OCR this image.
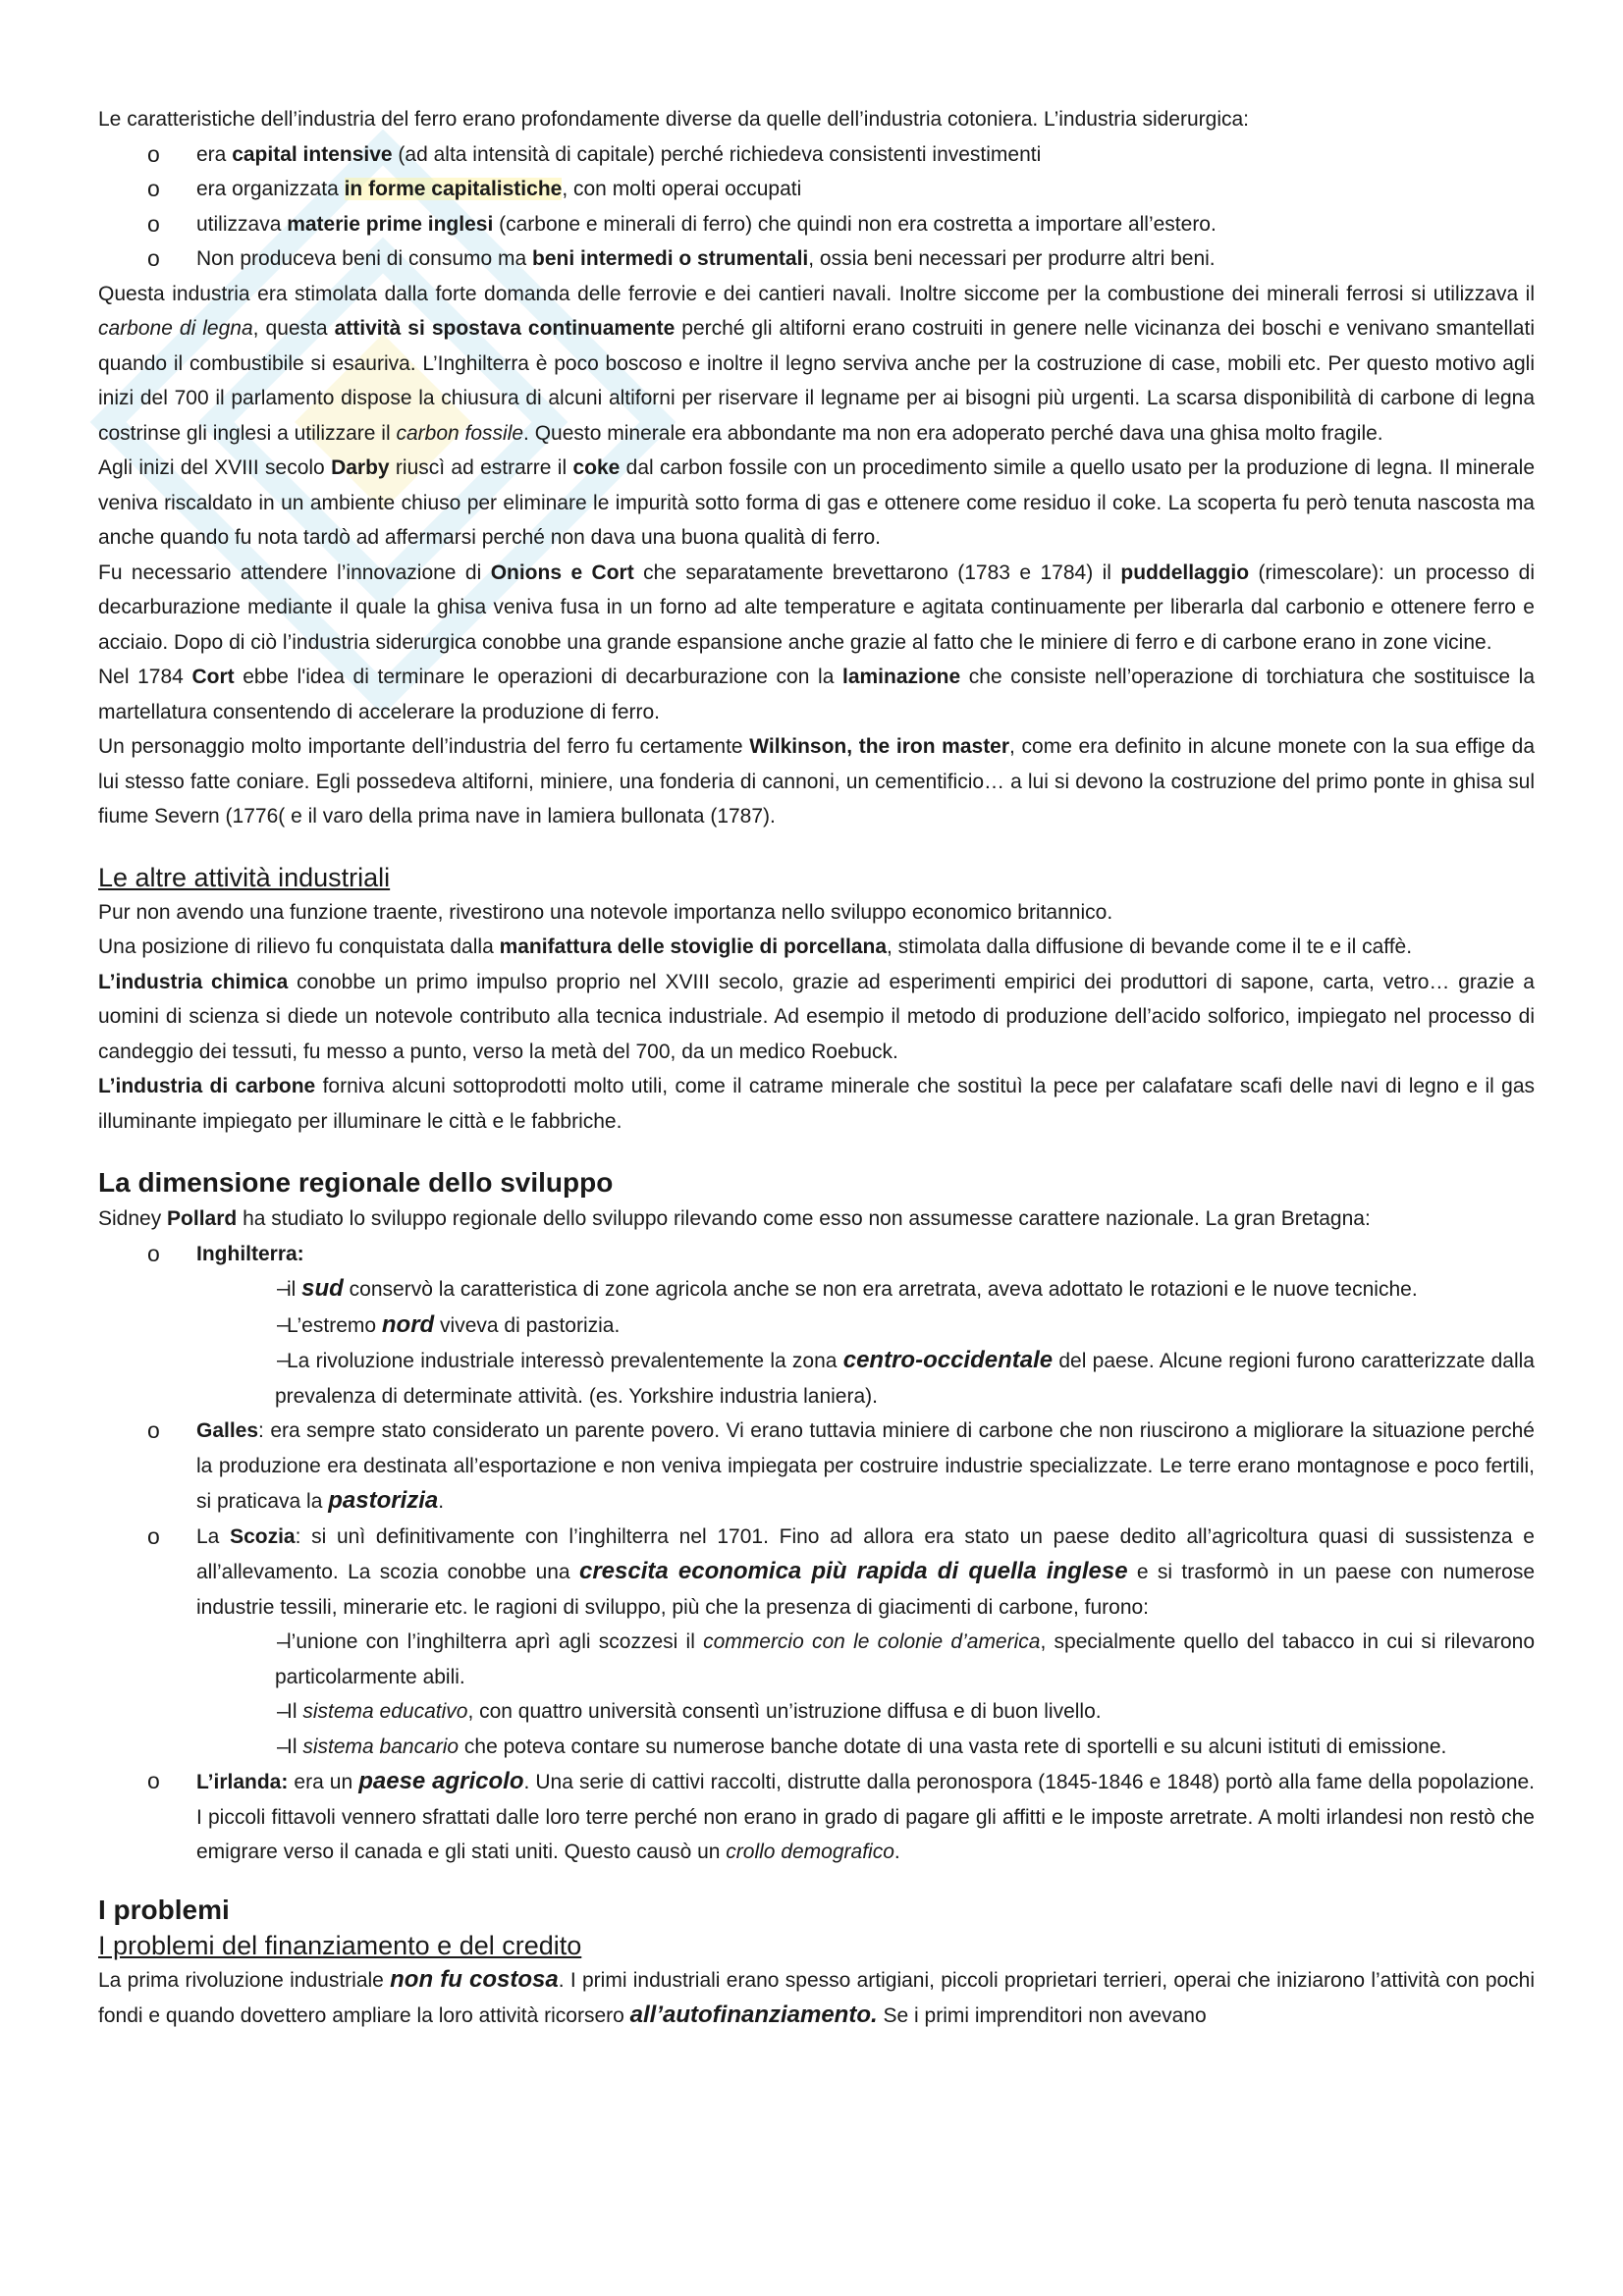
Le caratteristiche dell’industria del ferro erano profondamente diverse da quelle dell’industria cotoniera. L’industria siderurgica:

o era capital intensive (ad alta intensità di capitale) perché richiedeva consistenti investimenti
o era organizzata in forme capitalistiche, con molti operai occupati
o utilizzava materie prime inglesi (carbone e minerali di ferro) che quindi non era costretta a importare all’estero.
o Non produceva beni di consumo ma beni intermedi o strumentali, ossia beni necessari per produrre altri beni.

Questa industria era stimolata dalla forte domanda delle ferrovie e dei cantieri navali. Inoltre siccome per la combustione dei minerali ferrosi si utilizzava il carbone di legna, questa attività si spostava continuamente perché gli altiforni erano costruiti in genere nelle vicinanza dei boschi e venivano smantellati quando il combustibile si esauriva. L’Inghilterra è poco boscoso e inoltre il legno serviva anche per la costruzione di case, mobili etc. Per questo motivo agli inizi del 700 il parlamento dispose la chiusura di alcuni altiforni per riservare il legname per ai bisogni più urgenti. La scarsa disponibilità di carbone di legna costrinse gli inglesi a utilizzare il carbon fossile. Questo minerale era abbondante ma non era adoperato perché dava una ghisa molto fragile.

Agli inizi del XVIII secolo Darby riuscì ad estrarre il coke dal carbon fossile con un procedimento simile a quello usato per la produzione di legna. Il minerale veniva riscaldato in un ambiente chiuso per eliminare le impurità sotto forma di gas e ottenere come residuo il coke. La scoperta fu però tenuta nascosta ma anche quando fu nota tardò ad affermarsi perché non dava una buona qualità di ferro.

Fu necessario attendere l’innovazione di Onions e Cort che separatamente brevettarono (1783 e 1784) il puddellaggio (rimescolare): un processo di decarburazione mediante il quale la ghisa veniva fusa in un forno ad alte temperature e agitata continuamente per liberarla dal carbonio e ottenere ferro e acciaio. Dopo di ciò l’industria siderurgica conobbe una grande espansione anche grazie al fatto che le miniere di ferro e di carbone erano in zone vicine.

Nel 1784 Cort ebbe l'idea di terminare le operazioni di decarburazione con la laminazione che consiste nell’operazione di torchiatura che sostituisce la martellatura consentendo di accelerare la produzione di ferro.

Un personaggio molto importante dell’industria del ferro fu certamente Wilkinson, the iron master, come era definito in alcune monete con la sua effige da lui stesso fatte coniare. Egli possedeva altiforni, miniere, una fonderia di cannoni, un cementificio… a lui si devono la costruzione del primo ponte in ghisa sul fiume Severn (1776( e il varo della prima nave in lamiera bullonata (1787).

Le altre attività industriali

Pur non avendo una funzione traente, rivestirono una notevole importanza nello sviluppo economico britannico.

Una posizione di rilievo fu conquistata dalla manifattura delle stoviglie di porcellana, stimolata dalla diffusione di bevande come il te e il caffè.

L’industria chimica conobbe un primo impulso proprio nel XVIII secolo, grazie ad esperimenti empirici dei produttori di sapone, carta, vetro… grazie a uomini di scienza si diede un notevole contributo alla tecnica industriale. Ad esempio il metodo di produzione dell’acido solforico, impiegato nel processo di candeggio dei tessuti, fu messo a punto, verso la metà del 700, da un medico Roebuck.

L’industria di carbone forniva alcuni sottoprodotti molto utili, come il catrame minerale che sostituì la pece per calafatare scafi delle navi di legno e il gas illuminante impiegato per illuminare le città e le fabbriche.

La dimensione regionale dello sviluppo

Sidney Pollard ha studiato lo sviluppo regionale dello sviluppo rilevando come esso non assumesse carattere nazionale. La gran Bretagna:

o Inghilterra:
–
il sud conservò la caratteristica di zone agricola anche se non era arretrata, aveva adottato le rotazioni e le nuove tecniche.
–
L’estremo nord viveva di pastorizia.
–
La rivoluzione industriale interessò prevalentemente la zona centro-occidentale del paese. Alcune regioni furono caratterizzate dalla prevalenza di determinate attività. (es. Yorkshire industria laniera).
o Galles: era sempre stato considerato un parente povero. Vi erano tuttavia miniere di carbone che non riuscirono a migliorare la situazione perché la produzione era destinata all’esportazione e non veniva impiegata per costruire industrie specializzate. Le terre erano montagnose e poco fertili, si praticava la pastorizia.
o La Scozia: si unì definitivamente con l’inghilterra nel 1701. Fino ad allora era stato un paese dedito all’agricoltura quasi di sussistenza e all’allevamento. La scozia conobbe una crescita economica più rapida di quella inglese e si trasformò in un paese con numerose industrie tessili, minerarie etc. le ragioni di sviluppo, più che la presenza di giacimenti di carbone, furono:
–
l’unione con l’inghilterra aprì agli scozzesi il commercio con le colonie d’america, specialmente quello del tabacco in cui si rilevarono particolarmente abili.
–
Il sistema educativo, con quattro università consentì un’istruzione diffusa e di buon livello.
–
Il sistema bancario che poteva contare su numerose banche dotate di una vasta rete di sportelli e su alcuni istituti di emissione.
o L’irlanda: era un paese agricolo. Una serie di cattivi raccolti, distrutte dalla peronospora (1845-1846 e 1848) portò alla fame della popolazione. I piccoli fittavoli vennero sfrattati dalle loro terre perché non erano in grado di pagare gli affitti e le imposte arretrate. A molti irlandesi non restò che emigrare verso il canada e gli stati uniti. Questo causò un crollo demografico.
I problemi
I problemi del finanziamento e del credito

La prima rivoluzione industriale non fu costosa. I primi industriali erano spesso artigiani, piccoli proprietari terrieri, operai che iniziarono l’attività con pochi fondi e quando dovettero ampliare la loro attività ricorsero all’autofinanziamento. Se i primi imprenditori non avevano
